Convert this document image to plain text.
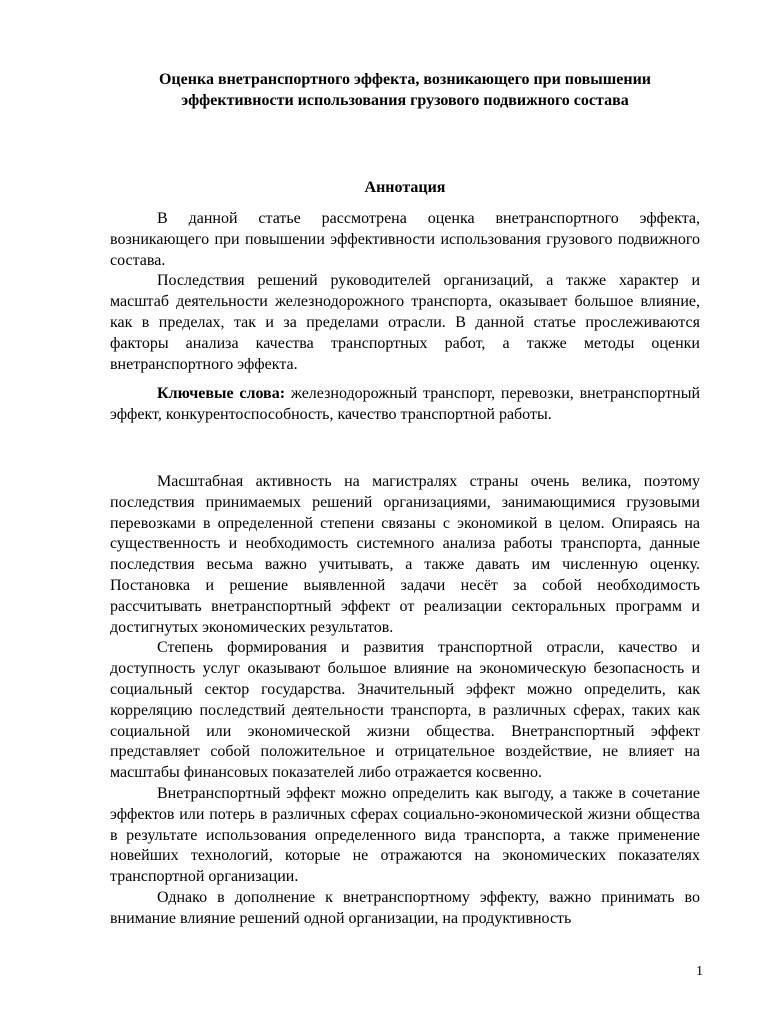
Оценка внетранспортного эффекта, возникающего при повышении
эффективности использования грузового подвижного состава
Аннотация

В данной статье рассмотрена оценка внетранспортного эффекта, возникающего при повышении эффективности использования грузового подвижного состава.

Последствия решений руководителей организаций, а также характер и масштаб деятельности железнодорожного транспорта, оказывает большое влияние, как в пределах, так и за пределами отрасли. В данной статье прослеживаются факторы анализа качества транспортных работ, а также методы оценки внетранспортного эффекта.

Ключевые слова: железнодорожный транспорт, перевозки, внетранспортный эффект, конкурентоспособность, качество транспортной работы.

Масштабная активность на магистралях страны очень велика, поэтому последствия принимаемых решений организациями, занимающимися грузовыми перевозками в определенной степени связаны с экономикой в целом. Опираясь на существенность и необходимость системного анализа работы транспорта, данные последствия весьма важно учитывать, а также давать им численную оценку. Постановка и решение выявленной задачи несёт за собой необходимость рассчитывать внетранспортный эффект от реализации секторальных программ и достигнутых экономических результатов.

Степень формирования и развития транспортной отрасли, качество и доступность услуг оказывают большое влияние на экономическую безопасность и социальный сектор государства. Значительный эффект можно определить, как корреляцию последствий деятельности транспорта, в различных сферах, таких как социальной или экономической жизни общества. Внетранспортный эффект представляет собой положительное и отрицательное воздействие, не влияет на масштабы финансовых показателей либо отражается косвенно.

Внетранспортный эффект можно определить как выгоду, а также в сочетание эффектов или потерь в различных сферах социально-экономической жизни общества в результате использования определенного вида транспорта, а также применение новейших технологий, которые не отражаются на экономических показателях транспортной организации.

Однако в дополнение к внетранспортному эффекту, важно принимать во внимание влияние решений одной организации, на продуктивность

1
